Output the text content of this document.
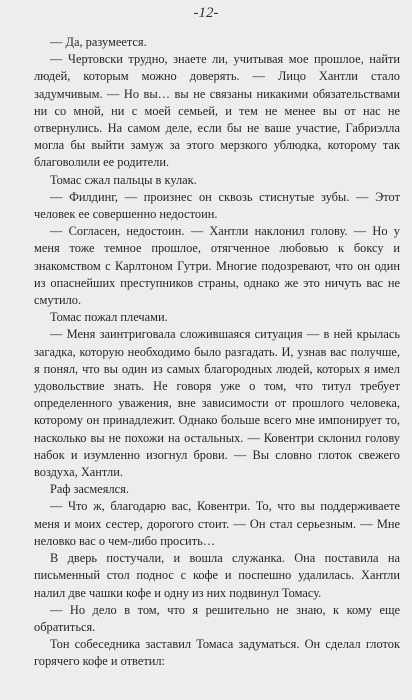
-12-

— Да, разумеется.

— Чертовски трудно, знаете ли, учитывая мое прошлое, найти людей, которым можно доверять. — Лицо Хантли стало задумчивым. — Но вы… вы не связаны никакими обязательствами ни со мной, ни с моей семьей, и тем не менее вы от нас не отвернулись. На самом деле, если бы не ваше участие, Габриэлла могла бы выйти замуж за этого мерзкого ублюдка, которому так благоволили ее родители.

Томас сжал пальцы в кулак.

— Филдинг, — произнес он сквозь стиснутые зубы. — Этот человек ее совершенно недостоин.

— Согласен, недостоин. — Хантли наклонил голову. — Но у меня тоже темное прошлое, отягченное любовью к боксу и знакомством с Карлтоном Гутри. Многие подозревают, что он один из опаснейших преступников страны, однако же это ничуть вас не смутило.

Томас пожал плечами.

— Меня заинтриговала сложившаяся ситуация — в ней крылась загадка, которую необходимо было разгадать. И, узнав вас получше, я понял, что вы один из самых благородных людей, которых я имел удовольствие знать. Не говоря уже о том, что титул требует определенного уважения, вне зависимости от прошлого человека, которому он принадлежит. Однако больше всего мне импонирует то, насколько вы не похожи на остальных. — Ковентри склонил голову набок и изумленно изогнул брови. — Вы словно глоток свежего воздуха, Хантли.

Раф засмеялся.

— Что ж, благодарю вас, Ковентри. То, что вы поддерживаете меня и моих сестер, дорогого стоит. — Он стал серьезным. — Мне неловко вас о чем-либо просить…

В дверь постучали, и вошла служанка. Она поставила на письменный стол поднос с кофе и поспешно удалилась. Хантли налил две чашки кофе и одну из них подвинул Томасу.

— Но дело в том, что я решительно не знаю, к кому еще обратиться.

Тон собеседника заставил Томаса задуматься. Он сделал глоток горячего кофе и ответил:
